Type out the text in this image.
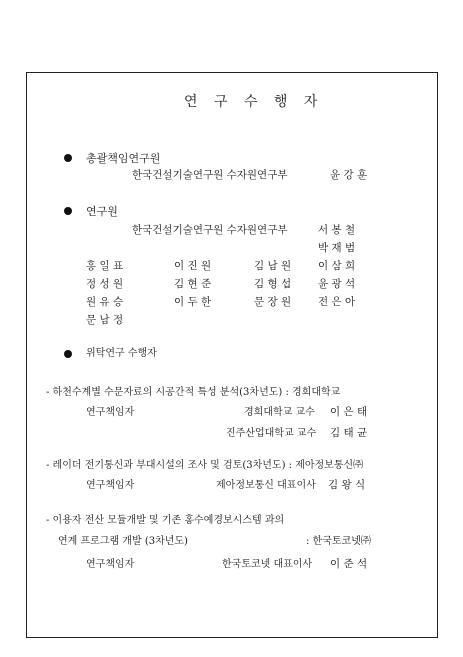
연 구 수 행 자
총괄책임연구원
한국건설기술연구원 수자원연구부	윤 강 훈
연구원
한국건설기술연구원 수자원연구부	서 봉 철
박 재 범
홍 일 표	이 진 원	김 남 원	이 삼 희
정 성 원	김 현 준	김 형 섭	윤 광 석
원 유 승	이 두 한	문 장 원	전 은 아
문 남 정
위탁연구 수행자
- 하천수계별 수문자료의 시공간적 특성 분석(3차년도) : 경희대학교
연구책임자	경희대학교 교수 이 은 태
진주산업대학교 교수 김 태 균
- 레이더 전기통신과 부대시설의 조사 및 검토(3차년도) : 제아정보통신㈜
연구책임자	제아정보통신 대표이사 김 왕 식
- 이용자 전산 모듈개발 및 기존 홍수예경보시스템 과의
연계 프로그램 개발 (3차년도)	: 한국토코넷㈜
연구책임자	한국토코넷 대표이사 이 준 석
